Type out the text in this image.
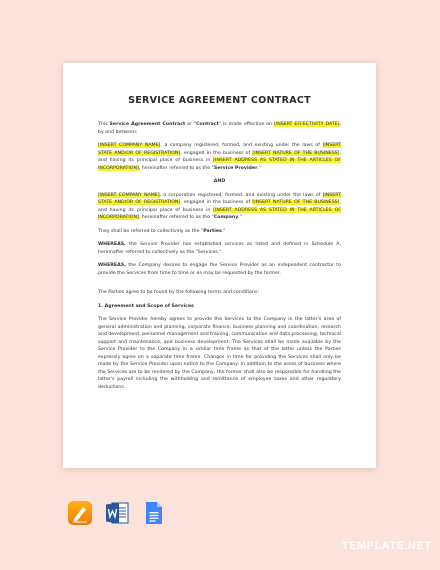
SERVICE AGREEMENT CONTRACT

This Service Agreement Contract or "Contract" is made effective on [INSERT EFFECTIVITY DATE], by and between:

[INSERT COMPANY NAME], a company registered, formed, and existing under the laws of [INSERT STATE AND/OR OF REGISTRATION], engaged in the business of [INSERT NATURE OF THE BUSINESS], and having its principal place of business in [INSERT ADDRESS AS STATED IN THE ARTICLES OF INCORPORATION], hereinafter referred to as the "Service Provider."

AND

[INSERT COMPANY NAME], a corporation registered, formed, and existing under the laws of [INSERT STATE AND/OR OF REGISTRATION], engaged in the business of [INSERT NATURE OF THE BUSINESS], and having its principal place of business in [INSERT ADDRESS AS STATED IN THE ARTICLES OF INCORPORATION], hereinafter referred to as the "Company."

They shall be referred to collectively as the "Parties."

WHEREAS, the Service Provider has established services as listed and defined in Schedule A, hereinafter referred to collectively as the "Services."

WHEREAS, the Company desires to engage the Service Provider as an independent contractor to provide the Services from time to time or as may be requested by the former.

The Parties agree to be found by the following terms and conditions:

1. Agreement and Scope of Services

The Service Provider hereby agrees to provide the Services to the Company in the latter's area of general administration and planning, corporate finance, business planning and coordination, research and development, personnel management and training, communication and data processing, technical support and maintenance, and business development. The Services shall be made available by the Service Provider to the Company in a similar time frame as that of the latter unless the Parties expressly agree on a separate time frame. Changes in time for providing the Services shall only be made by the Service Provider upon notice to the Company. In addition to the areas of business where the Services are to be rendered by the Company, the former shall also be responsible for handling the latter's payroll including the withholding and remittance of employee taxes and other regulatory deductions.

TEMPLATE.NET
